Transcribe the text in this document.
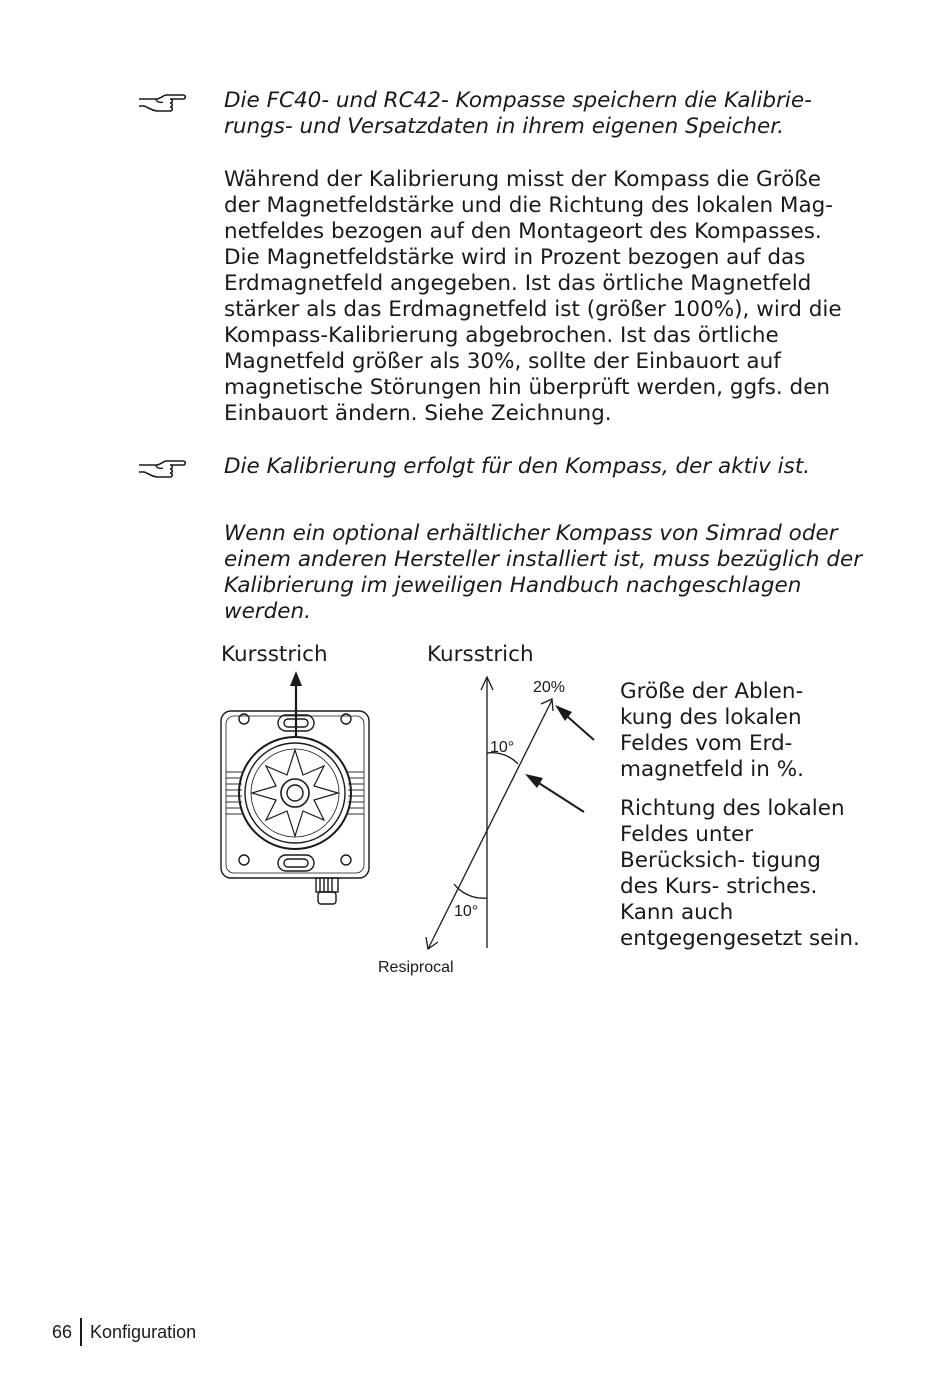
Die FC40- und RC42- Kompasse speichern die Kalibrie- rungs- und Versatzdaten in ihrem eigenen Speicher.

Während der Kalibrierung misst der Kompass die Größe der Magnetfeldstärke und die Richtung des lokalen Mag- netfeldes bezogen auf den Montageort des Kompasses. Die Magnetfeldstärke wird in Prozent bezogen auf das Erdmagnetfeld angegeben. Ist das örtliche Magnetfeld stärker als das Erdmagnetfeld ist (größer 100%), wird die Kompass-Kalibrierung abgebrochen. Ist das örtliche Magnetfeld größer als 30%, sollte der Einbauort auf magnetische Störungen hin überprüft werden, ggfs. den Einbauort ändern. Siehe Zeichnung.

Die Kalibrierung erfolgt für den Kompass, der aktiv ist.

Wenn ein optional erhältlicher Kompass von Simrad oder einem anderen Hersteller installiert ist, muss bezüglich der Kalibrierung im jeweiligen Handbuch nachgeschlagen werden.

Kursstrich	Kursstrich
20%
10°
10°
Resiprocal

Größe der Ablen- kung des lokalen Feldes vom Erd- magnetfeld in %.

Richtung des lokalen Feldes unter Berücksich- tigung des Kurs- striches. Kann auch entgegengesetzt sein.

66 Konfiguration
